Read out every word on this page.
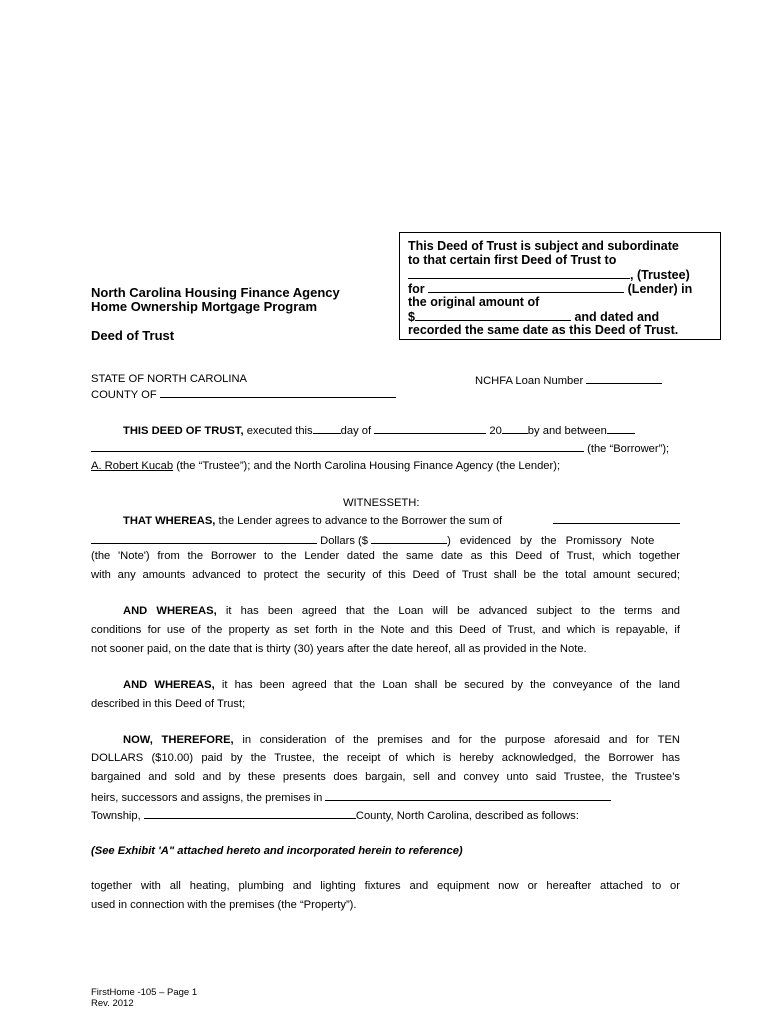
This Deed of Trust is subject and subordinate
to that certain first Deed of Trust to
, (Trustee)
for	(Lender) in
the original amount of
$	and dated and
recorded the same date as this Deed of Trust.
North Carolina Housing Finance Agency
Home Ownership Mortgage Program
Deed of Trust
STATE OF NORTH CAROLINA
COUNTY OF
NCHFA Loan Number
THIS DEED OF TRUST, executed this	day of	20 by and between
(the “Borrower”);
A. Robert Kucab (the “Trustee”); and the North Carolina Housing Finance Agency (the Lender);
WITNESSETH:
THAT WHEREAS, the Lender agrees to advance to the Borrower the sum of
Dollars ($	) evidenced by the Promissory Note
(the 'Note') from the Borrower to the Lender dated the same date as this Deed of Trust, which together
with any amounts advanced to protect the security of this Deed of Trust shall be the total amount secured;
AND WHEREAS, it has been agreed that the Loan will be advanced subject to the terms and
conditions for use of the property as set forth in the Note and this Deed of Trust, and which is repayable, if
not sooner paid, on the date that is thirty (30) years after the date hereof, all as provided in the Note.
AND WHEREAS, it has been agreed that the Loan shall be secured by the conveyance of the land
described in this Deed of Trust;
NOW, THEREFORE, in consideration of the premises and for the purpose aforesaid and for TEN
DOLLARS ($10.00) paid by the Trustee, the receipt of which is hereby acknowledged, the Borrower has
bargained and sold and by these presents does bargain, sell and convey unto said Trustee, the Trustee’s
heirs, successors and assigns, the premises in
Township,	County, North Carolina, described as follows:
(See Exhibit 'A" attached hereto and incorporated herein to reference)
together with all heating, plumbing and lighting fixtures and equipment now or hereafter attached to or
used in connection with the premises (the “Property”).
FirstHome -105 – Page 1
Rev. 2012
